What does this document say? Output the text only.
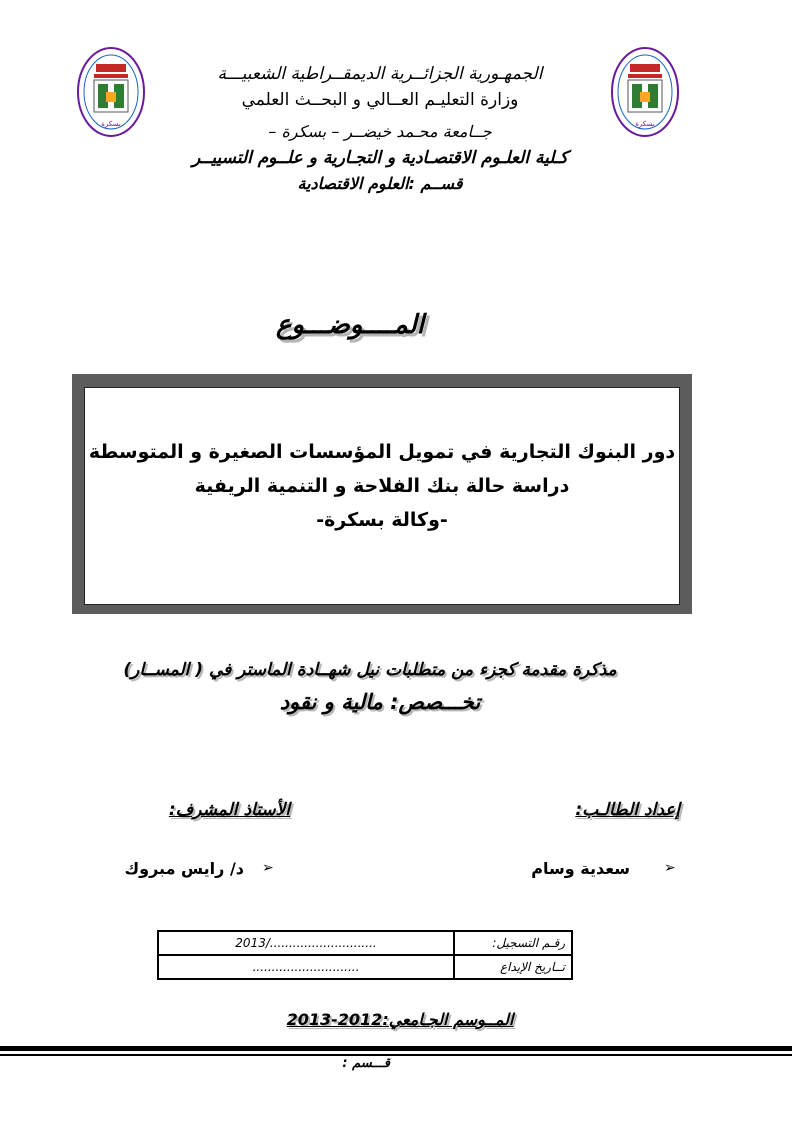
بسكرة
بسكرة
الجمهـورية الجزائــرية الديمقــراطية الشعبيـــة
وزارة التعليـم العــالي و البحــث العلمي
جــامعة محـمد خيضــر – بسكرة –
كـلية العلـوم الاقتصـادية و التجـارية و علــوم التسييــر
قســم :العلوم الاقتصادية
المــــوضـــوع
دور البنوك التجارية في تمويل المؤسسات الصغيرة و المتوسطة
دراسة حالة بنك الفلاحة و التنمية الريفية
-وكالة بسكرة-
مذكرة مقدمة كجزء من متطلبات نيل شهــادة الماستر في ( المســار)
تخـــصص: مالية و نقود
إعداد الطالـب:
الأستاذ المشرف:
➢
سعدية وسام
➢
د/ رايس مبروك
رقـم التسجيل:	............................/2013
تــاريخ الإيداع	............................
المــوسم الجـامعي:2012-2013
قـــسم :
